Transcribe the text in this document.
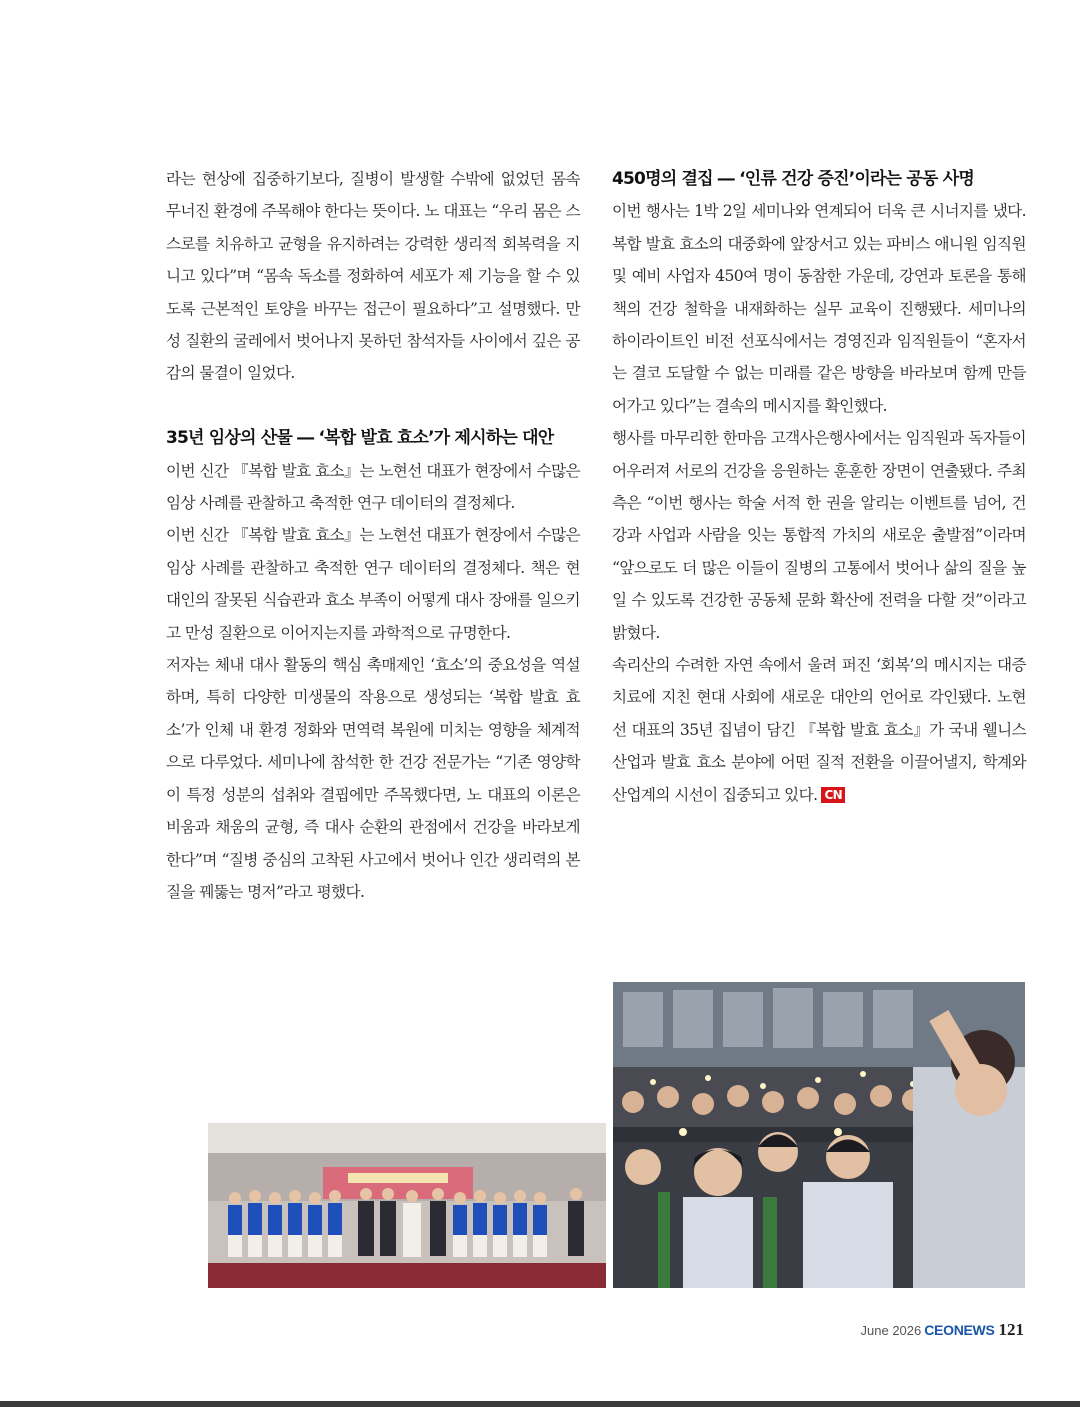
라는 현상에 집중하기보다, 질병이 발생할 수밖에 없었던 몸속 무너진 환경에 주목해야 한다는 뜻이다. 노 대표는 “우리 몸은 스스로를 치유하고 균형을 유지하려는 강력한 생리적 회복력을 지니고 있다”며 “몸속 독소를 정화하여 세포가 제 기능을 할 수 있도록 근본적인 토양을 바꾸는 접근이 필요하다”고 설명했다. 만성 질환의 굴레에서 벗어나지 못하던 참석자들 사이에서 깊은 공감의 물결이 일었다.

35년 임상의 산물 ― ‘복합 발효 효소’가 제시하는 대안

이번 신간 『복합 발효 효소』는 노현선 대표가 현장에서 수많은 임상 사례를 관찰하고 축적한 연구 데이터의 결정체다.

이번 신간 『복합 발효 효소』는 노현선 대표가 현장에서 수많은 임상 사례를 관찰하고 축적한 연구 데이터의 결정체다. 책은 현대인의 잘못된 식습관과 효소 부족이 어떻게 대사 장애를 일으키고 만성 질환으로 이어지는지를 과학적으로 규명한다.

저자는 체내 대사 활동의 핵심 촉매제인 ‘효소’의 중요성을 역설하며, 특히 다양한 미생물의 작용으로 생성되는 ‘복합 발효 효소’가 인체 내 환경 정화와 면역력 복원에 미치는 영향을 체계적으로 다루었다. 세미나에 참석한 한 건강 전문가는 “기존 영양학이 특정 성분의 섭취와 결핍에만 주목했다면, 노 대표의 이론은 비움과 채움의 균형, 즉 대사 순환의 관점에서 건강을 바라보게 한다”며 “질병 중심의 고착된 사고에서 벗어나 인간 생리력의 본질을 꿰뚫는 명저”라고 평했다.

450명의 결집 ― ‘인류 건강 증진’이라는 공동 사명

이번 행사는 1박 2일 세미나와 연계되어 더욱 큰 시너지를 냈다. 복합 발효 효소의 대중화에 앞장서고 있는 파비스 애니원 임직원 및 예비 사업자 450여 명이 동참한 가운데, 강연과 토론을 통해 책의 건강 철학을 내재화하는 실무 교육이 진행됐다. 세미나의 하이라이트인 비전 선포식에서는 경영진과 임직원들이 “혼자서는 결코 도달할 수 없는 미래를 같은 방향을 바라보며 함께 만들어가고 있다”는 결속의 메시지를 확인했다.

행사를 마무리한 한마음 고객사은행사에서는 임직원과 독자들이 어우러져 서로의 건강을 응원하는 훈훈한 장면이 연출됐다. 주최 측은 “이번 행사는 학술 서적 한 권을 알리는 이벤트를 넘어, 건강과 사업과 사람을 잇는 통합적 가치의 새로운 출발점”이라며 “앞으로도 더 많은 이들이 질병의 고통에서 벗어나 삶의 질을 높일 수 있도록 건강한 공동체 문화 확산에 전력을 다할 것”이라고 밝혔다.

속리산의 수려한 자연 속에서 울려 퍼진 ‘회복’의 메시지는 대증치료에 지친 현대 사회에 새로운 대안의 언어로 각인됐다. 노현선 대표의 35년 집념이 담긴 『복합 발효 효소』가 국내 웰니스 산업과 발효 효소 분야에 어떤 질적 전환을 이끌어낼지, 학계와 산업계의 시선이 집중되고 있다. CN

June 2026 CEONEWS 121
